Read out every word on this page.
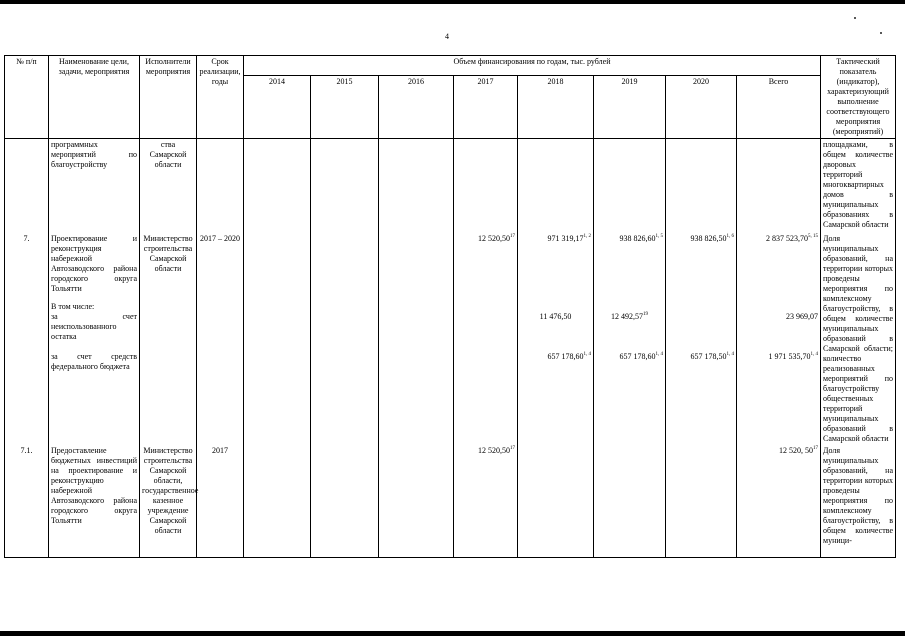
4
№ п/п	Наименование цели, задачи, мероприятия	Исполнители мероприятия	Срок реализации, годы	Объем финансирования по годам, тыс. рублей								Тактический показатель (индикатор), характеризующий выполнение соответствующего мероприятия (мероприятий)
				2014	2015	2016	2017	2018	2019	2020	Всего	
	программных мероприятий по благоустройству	ства Самарской области										площадками, в общем количестве дворовых территорий многоквартирных домов в муниципальных образованиях в Самарской области
7.	Проектирование и реконструкция набережной Автозаводского района городского округа Тольятти	Министерство строительства Самарской области	2017 – 2020				12 520,50$^{17}$	971 319,17$^{1, 2}$	938 826,60$^{1, 5}$	938 826,50$^{1, 6}$	2 837 523,70$^{5, 15}$	Доля муниципальных образований, на территории которых проведены мероприятия по комплексному благоустройству, в общем количестве муниципальных образований в Самарской области; количество реализованных мероприятий по благоустройству общественных территорий муниципальных образований в Самарской области

	В том числе:
за счет неиспользованного остатка							11 476,50	12 492,57$^{19}$		23 969,07	
	за счет средств федерального бюджета							657 178,60$^{1, 4}$	657 178,60$^{1, 4}$	657 178,50$^{1, 4}$	1 971 535,70$^{1, 4}$
7.1.	Предоставление бюджетных инвестиций на проектирование и реконструкцию набережной Автозаводского района городского округа Тольятти	Министерство строительства Самарской области, государственное казенное учреждение Самарской области	2017				12 520,50$^{17}$				12 520, $50^{17}$	Доля муниципальных образований, на территории которых проведены мероприятия по комплексному благоустройству, в общем количестве муници-
